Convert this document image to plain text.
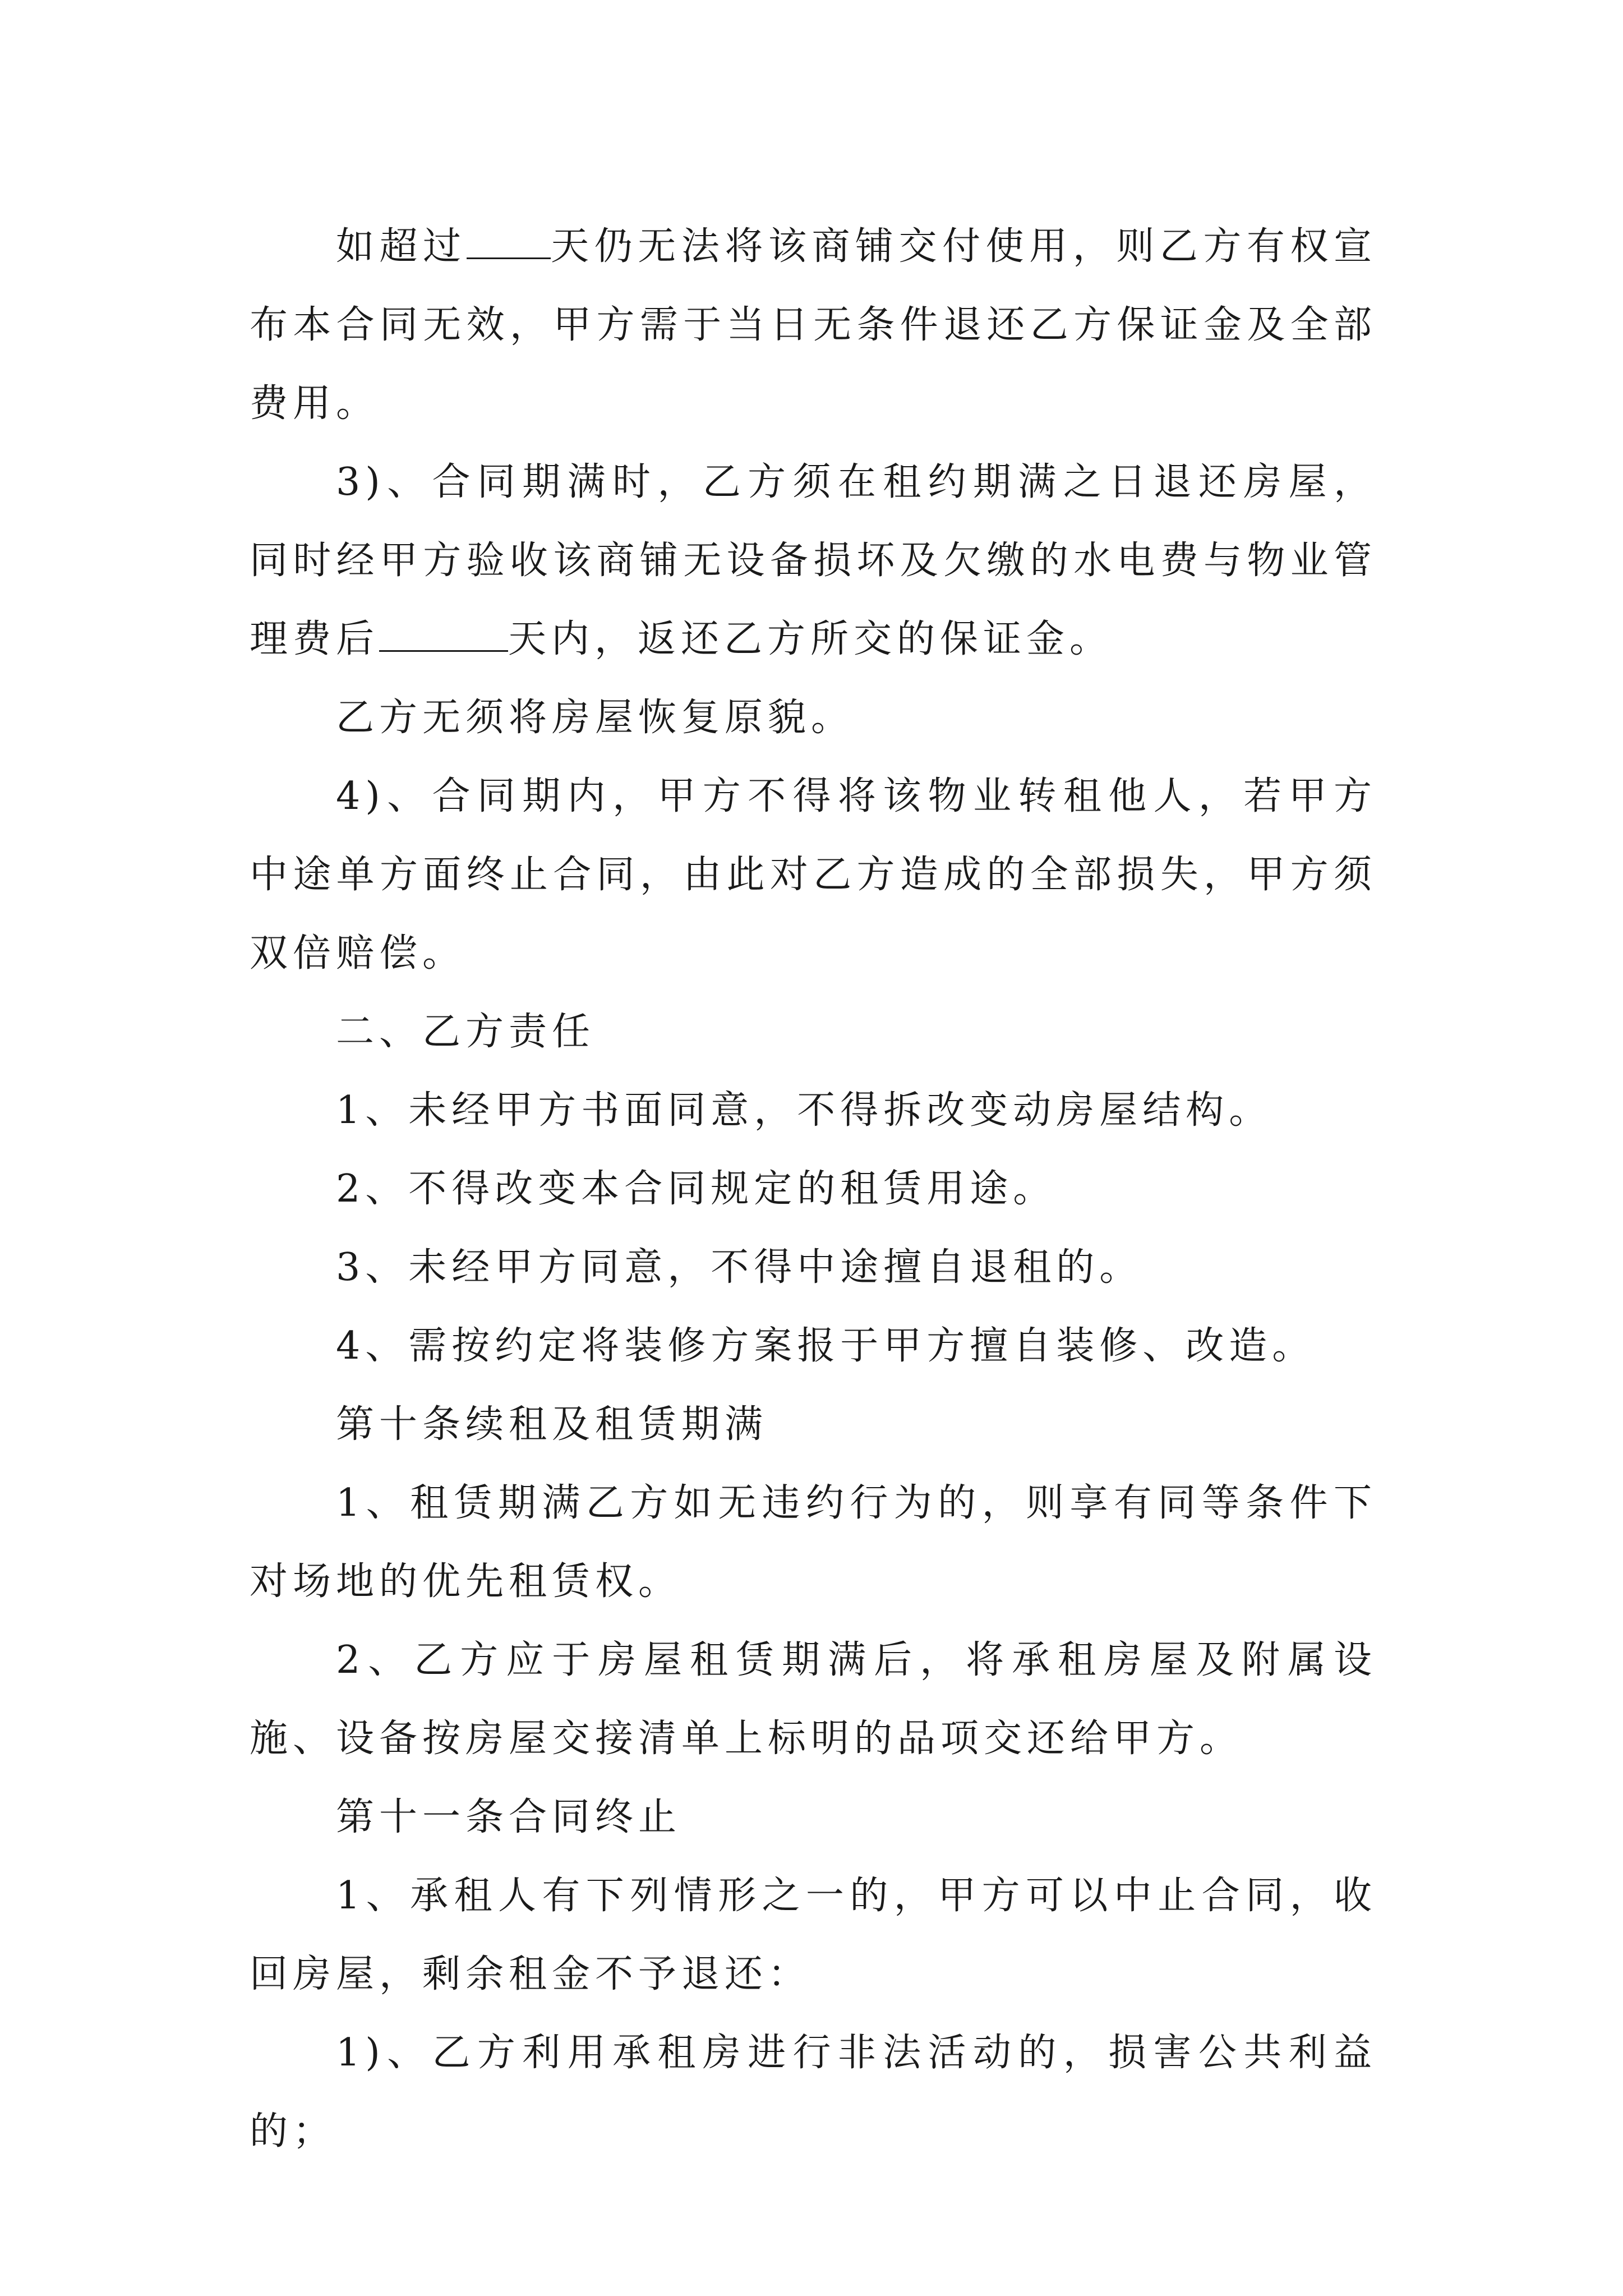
如超过 天仍无法将该商铺交付使用，则乙方有权宣布本合同无效，甲方需于当日无条件退还乙方保证金及全部费用。

3)、合同期满时，乙方须在租约期满之日退还房屋，同时经甲方验收该商铺无设备损坏及欠缴的水电费与物业管理费后	天内，返还乙方所交的保证金。

乙方无须将房屋恢复原貌。

4)、合同期内，甲方不得将该物业转租他人，若甲方中途单方面终止合同，由此对乙方造成的全部损失，甲方须双倍赔偿。

二、乙方责任

1、未经甲方书面同意，不得拆改变动房屋结构。

2、不得改变本合同规定的租赁用途。

3、未经甲方同意，不得中途擅自退租的。

4、需按约定将装修方案报于甲方擅自装修、改造。

第十条续租及租赁期满

1、租赁期满乙方如无违约行为的，则享有同等条件下对场地的优先租赁权。

2、乙方应于房屋租赁期满后，将承租房屋及附属设施、设备按房屋交接清单上标明的品项交还给甲方。

第十一条合同终止

1、承租人有下列情形之一的，甲方可以中止合同，收回房屋，剩余租金不予退还：

1)、乙方利用承租房进行非法活动的，损害公共利益的；
